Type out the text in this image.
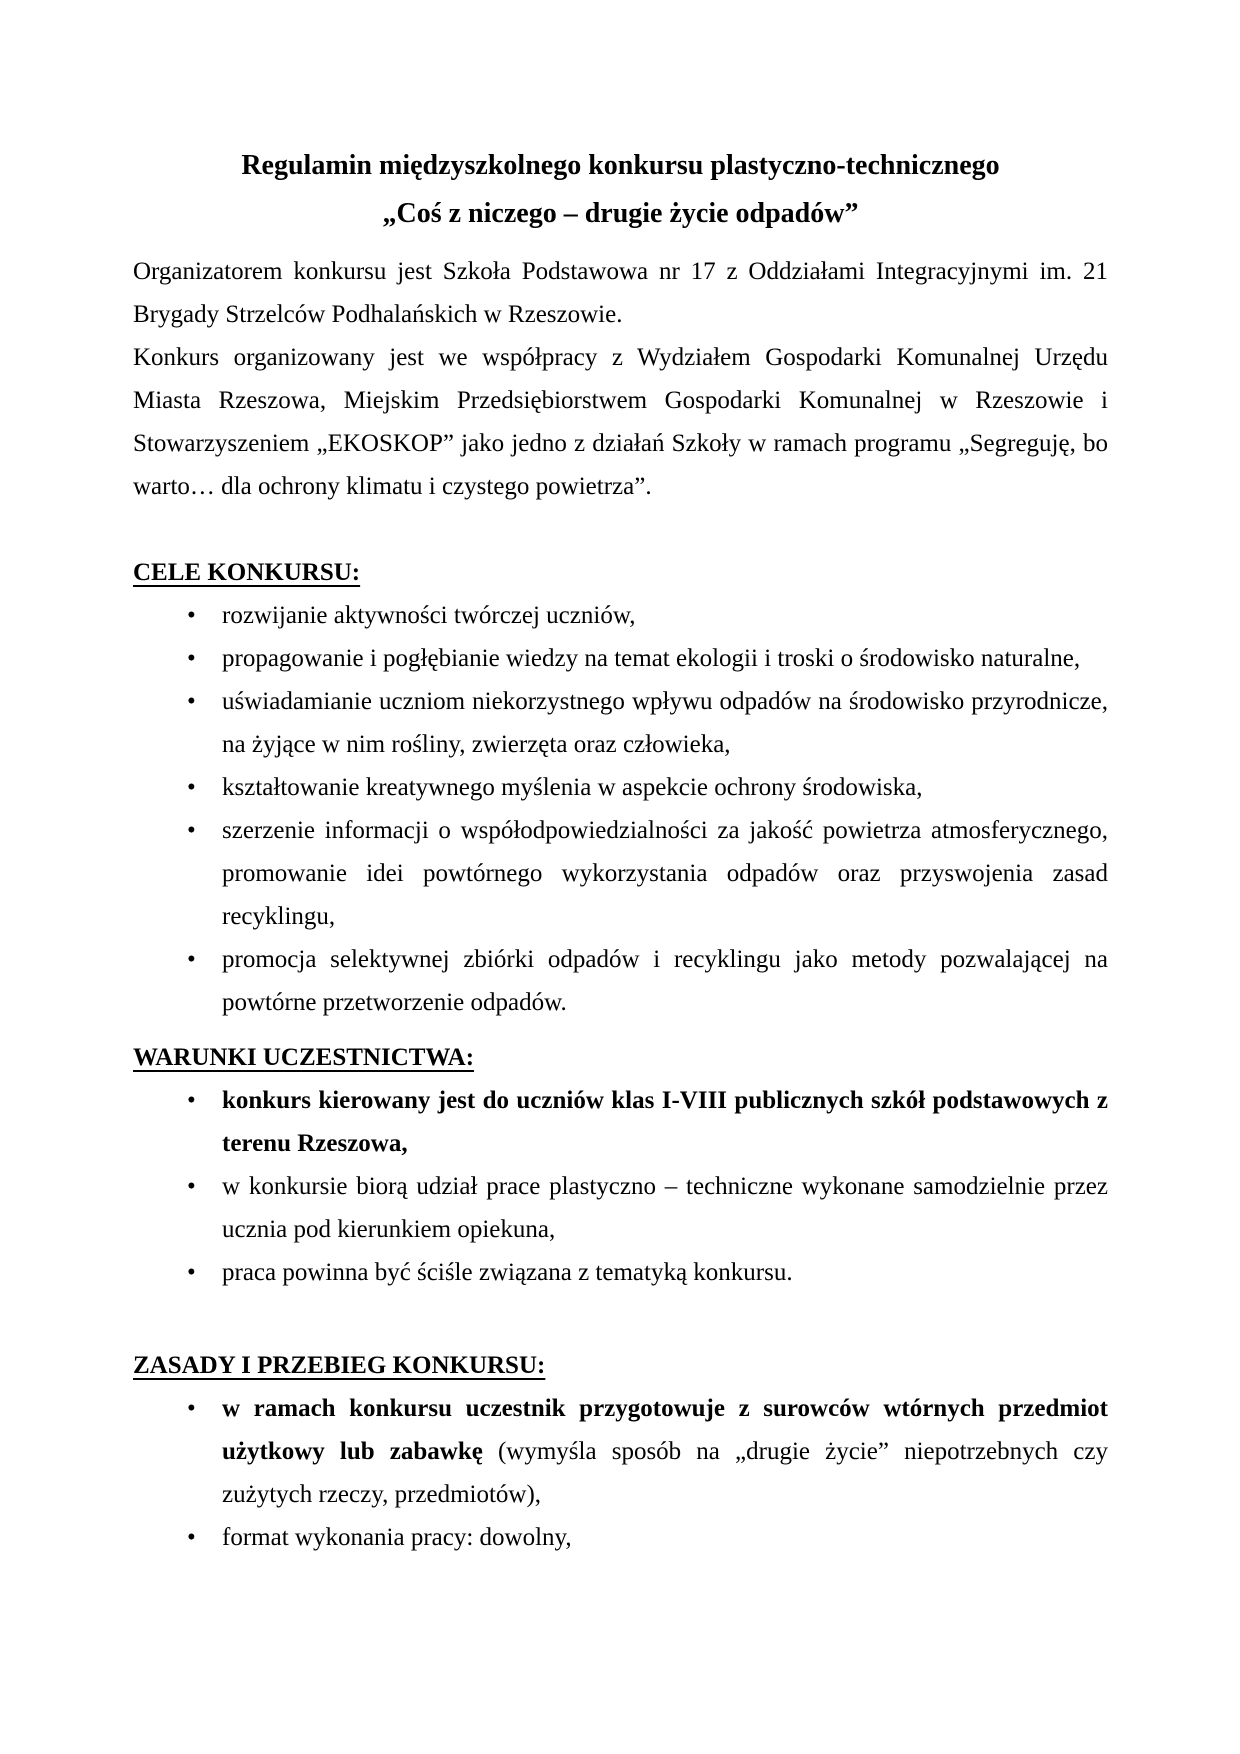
Regulamin międzyszkolnego konkursu plastyczno-technicznego
„Coś z niczego – drugie życie odpadów”

Organizatorem konkursu jest Szkoła Podstawowa nr 17 z Oddziałami Integracyjnymi im. 21 Brygady Strzelców Podhalańskich w Rzeszowie.

Konkurs organizowany jest we współpracy z Wydziałem Gospodarki Komunalnej Urzędu Miasta Rzeszowa, Miejskim Przedsiębiorstwem Gospodarki Komunalnej w Rzeszowie i Stowarzyszeniem „EKOSKOP” jako jedno z działań Szkoły w ramach programu „Segreguję, bo warto… dla ochrony klimatu i czystego powietrza”.

CELE KONKURSU:
• rozwijanie aktywności twórczej uczniów,
• propagowanie i pogłębianie wiedzy na temat ekologii i troski o środowisko naturalne,
• uświadamianie uczniom niekorzystnego wpływu odpadów na środowisko przyrodnicze, na żyjące w nim rośliny, zwierzęta oraz człowieka,
• kształtowanie kreatywnego myślenia w aspekcie ochrony środowiska,
• szerzenie informacji o współodpowiedzialności za jakość powietrza atmosferycznego, promowanie idei powtórnego wykorzystania odpadów oraz przyswojenia zasad recyklingu,
• promocja selektywnej zbiórki odpadów i recyklingu jako metody pozwalającej na powtórne przetworzenie odpadów.
WARUNKI UCZESTNICTWA:
• konkurs kierowany jest do uczniów klas I-VIII publicznych szkół podstawowych z terenu Rzeszowa,
• w konkursie biorą udział prace plastyczno – techniczne wykonane samodzielnie przez ucznia pod kierunkiem opiekuna,
• praca powinna być ściśle związana z tematyką konkursu.
ZASADY I PRZEBIEG KONKURSU:
• w ramach konkursu uczestnik przygotowuje z surowców wtórnych przedmiot użytkowy lub zabawkę (wymyśla sposób na „drugie życie” niepotrzebnych czy zużytych rzeczy, przedmiotów),
• format wykonania pracy: dowolny,
